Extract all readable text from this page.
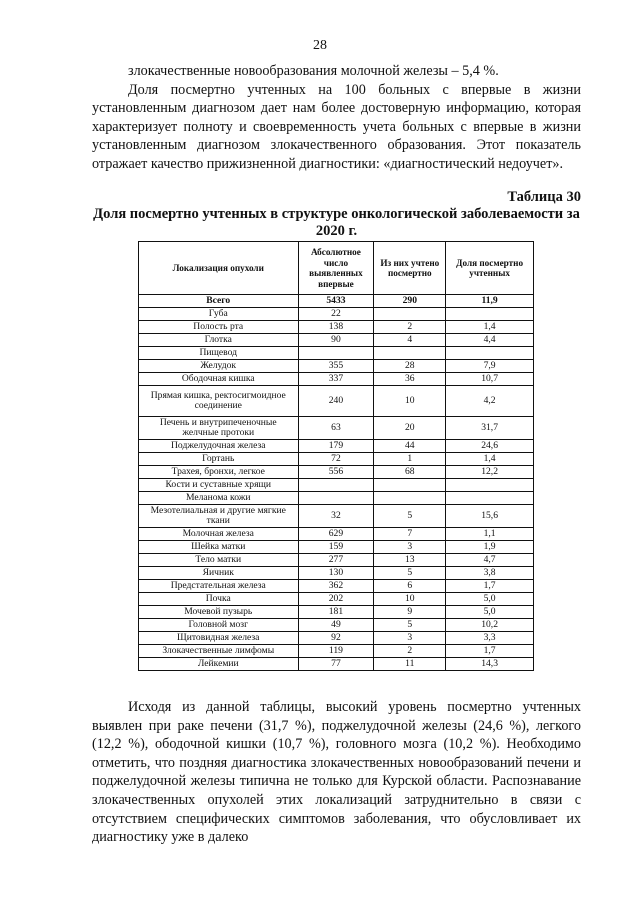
28

злокачественные новообразования молочной железы – 5,4 %.

Доля посмертно учтенных на 100 больных с впервые в жизни установленным диагнозом дает нам более достоверную информацию, которая характеризует полноту и своевременность учета больных с впервые в жизни установленным диагнозом злокачественного образования. Этот показатель отражает качество прижизненной диагностики: «диагностический недоучет».

Таблица 30
Доля посмертно учтенных в структуре онкологической заболеваемости за 2020 г.
Локализация опухоли	Абсолютное число выявленных впервые	Из них учтено посмертно	Доля посмертно учтенных
Всего	5433	290	11,9
Губа	22		
Полость рта	138	2	1,4
Глотка	90	4	4,4
Пищевод			
Желудок	355	28	7,9
Ободочная кишка	337	36	10,7
Прямая кишка, ректосигмоидное соединение	240	10	4,2
Печень и внутрипеченочные желчные протоки	63	20	31,7
Поджелудочная железа	179	44	24,6
Гортань	72	1	1,4
Трахея, бронхи, легкое	556	68	12,2
Кости и суставные хрящи			
Меланома кожи			
Мезотелиальная и другие мягкие ткани	32	5	15,6
Молочная железа	629	7	1,1
Шейка матки	159	3	1,9
Тело матки	277	13	4,7
Яичник	130	5	3,8
Предстательная железа	362	6	1,7
Почка	202	10	5,0
Мочевой пузырь	181	9	5,0
Головной мозг	49	5	10,2
Щитовидная железа	92	3	3,3
Злокачественные лимфомы	119	2	1,7
Лейкемии	77	11	14,3

Исходя из данной таблицы, высокий уровень посмертно учтенных выявлен при раке печени (31,7 %), поджелудочной железы (24,6 %), легкого (12,2 %), ободочной кишки (10,7 %), головного мозга (10,2 %). Необходимо отметить, что поздняя диагностика злокачественных новообразований печени и поджелудочной железы типична не только для Курской области. Распознавание злокачественных опухолей этих локализаций затруднительно в связи с отсутствием специфических симптомов заболевания, что обусловливает их диагностику уже в далеко
